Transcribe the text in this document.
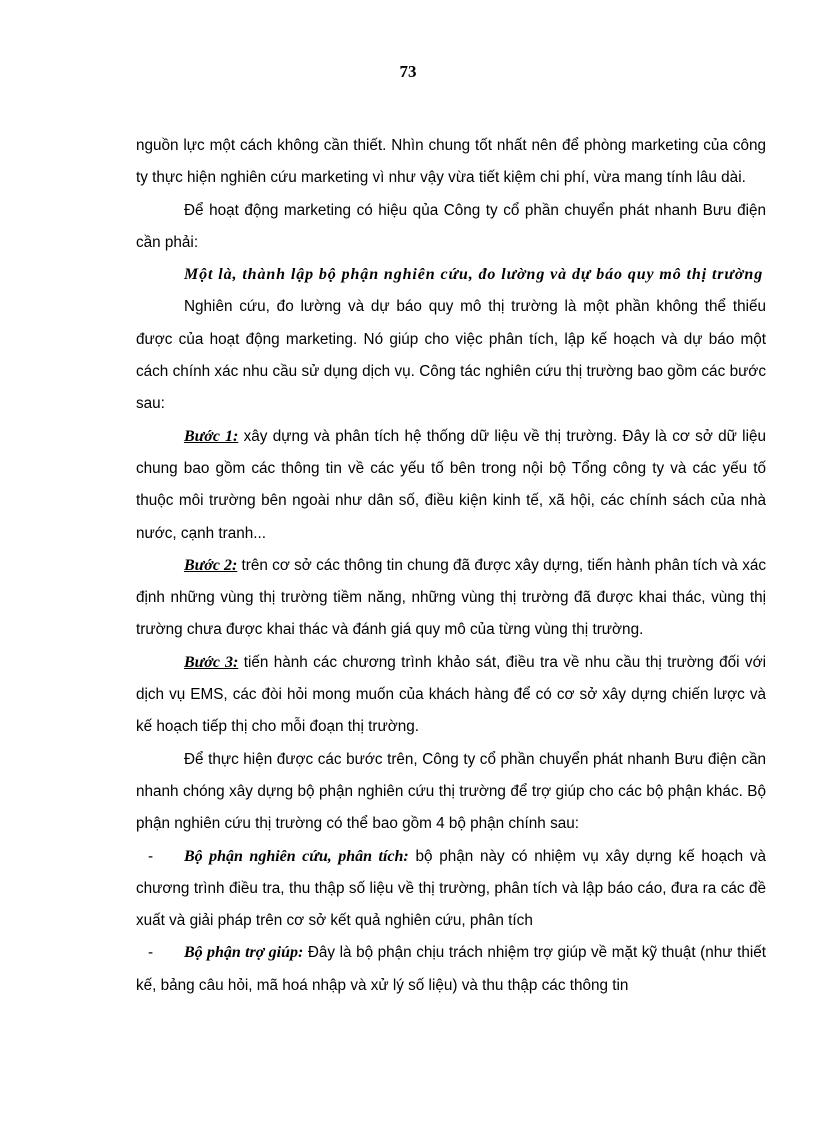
73

nguồn lực một cách không cần thiết. Nhìn chung tốt nhất nên để phòng marketing của công ty thực hiện nghiên cứu marketing vì như vậy vừa tiết kiệm chi phí, vừa mang tính lâu dài.

Để hoạt động marketing có hiệu qủa Công ty cổ phần chuyển phát nhanh Bưu điện cần phải:

Một là, thành lập bộ phận nghiên cứu, đo lường và dự báo quy mô thị trường

Nghiên cứu, đo lường và dự báo quy mô thị trường là một phần không thể thiếu được của hoạt động marketing. Nó giúp cho việc phân tích, lập kế hoạch và dự báo một cách chính xác nhu cầu sử dụng dịch vụ. Công tác nghiên cứu thị trường bao gồm các bước sau:

Bước 1: xây dựng và phân tích hệ thống dữ liệu về thị trường. Đây là cơ sở dữ liệu chung bao gồm các thông tin về các yếu tố bên trong nội bộ Tổng công ty và các yếu tố thuộc môi trường bên ngoài như dân số, điều kiện kinh tế, xã hội, các chính sách của nhà nước, cạnh tranh...

Bước 2: trên cơ sở các thông tin chung đã được xây dựng, tiến hành phân tích và xác định những vùng thị trường tiềm năng, những vùng thị trường đã được khai thác, vùng thị trường chưa được khai thác và đánh giá quy mô của từng vùng thị trường.

Bước 3: tiến hành các chương trình khảo sát, điều tra về nhu cầu thị trường đối với dịch vụ EMS, các đòi hỏi mong muốn của khách hàng để có cơ sở xây dựng chiến lược và kế hoạch tiếp thị cho mỗi đoạn thị trường.

Để thực hiện được các bước trên, Công ty cổ phần chuyển phát nhanh Bưu điện cần nhanh chóng xây dựng bộ phận nghiên cứu thị trường để trợ giúp cho các bộ phận khác. Bộ phận nghiên cứu thị trường có thể bao gồm 4 bộ phận chính sau:

- Bộ phận nghiên cứu, phân tích: bộ phận này có nhiệm vụ xây dựng kế hoạch và chương trình điều tra, thu thập số liệu về thị trường, phân tích và lập báo cáo, đưa ra các đề xuất và giải pháp trên cơ sở kết quả nghiên cứu, phân tích

- Bộ phận trợ giúp: Đây là bộ phận chịu trách nhiệm trợ giúp về mặt kỹ thuật (như thiết kế, bảng câu hỏi, mã hoá nhập và xử lý số liệu) và thu thập các thông tin
